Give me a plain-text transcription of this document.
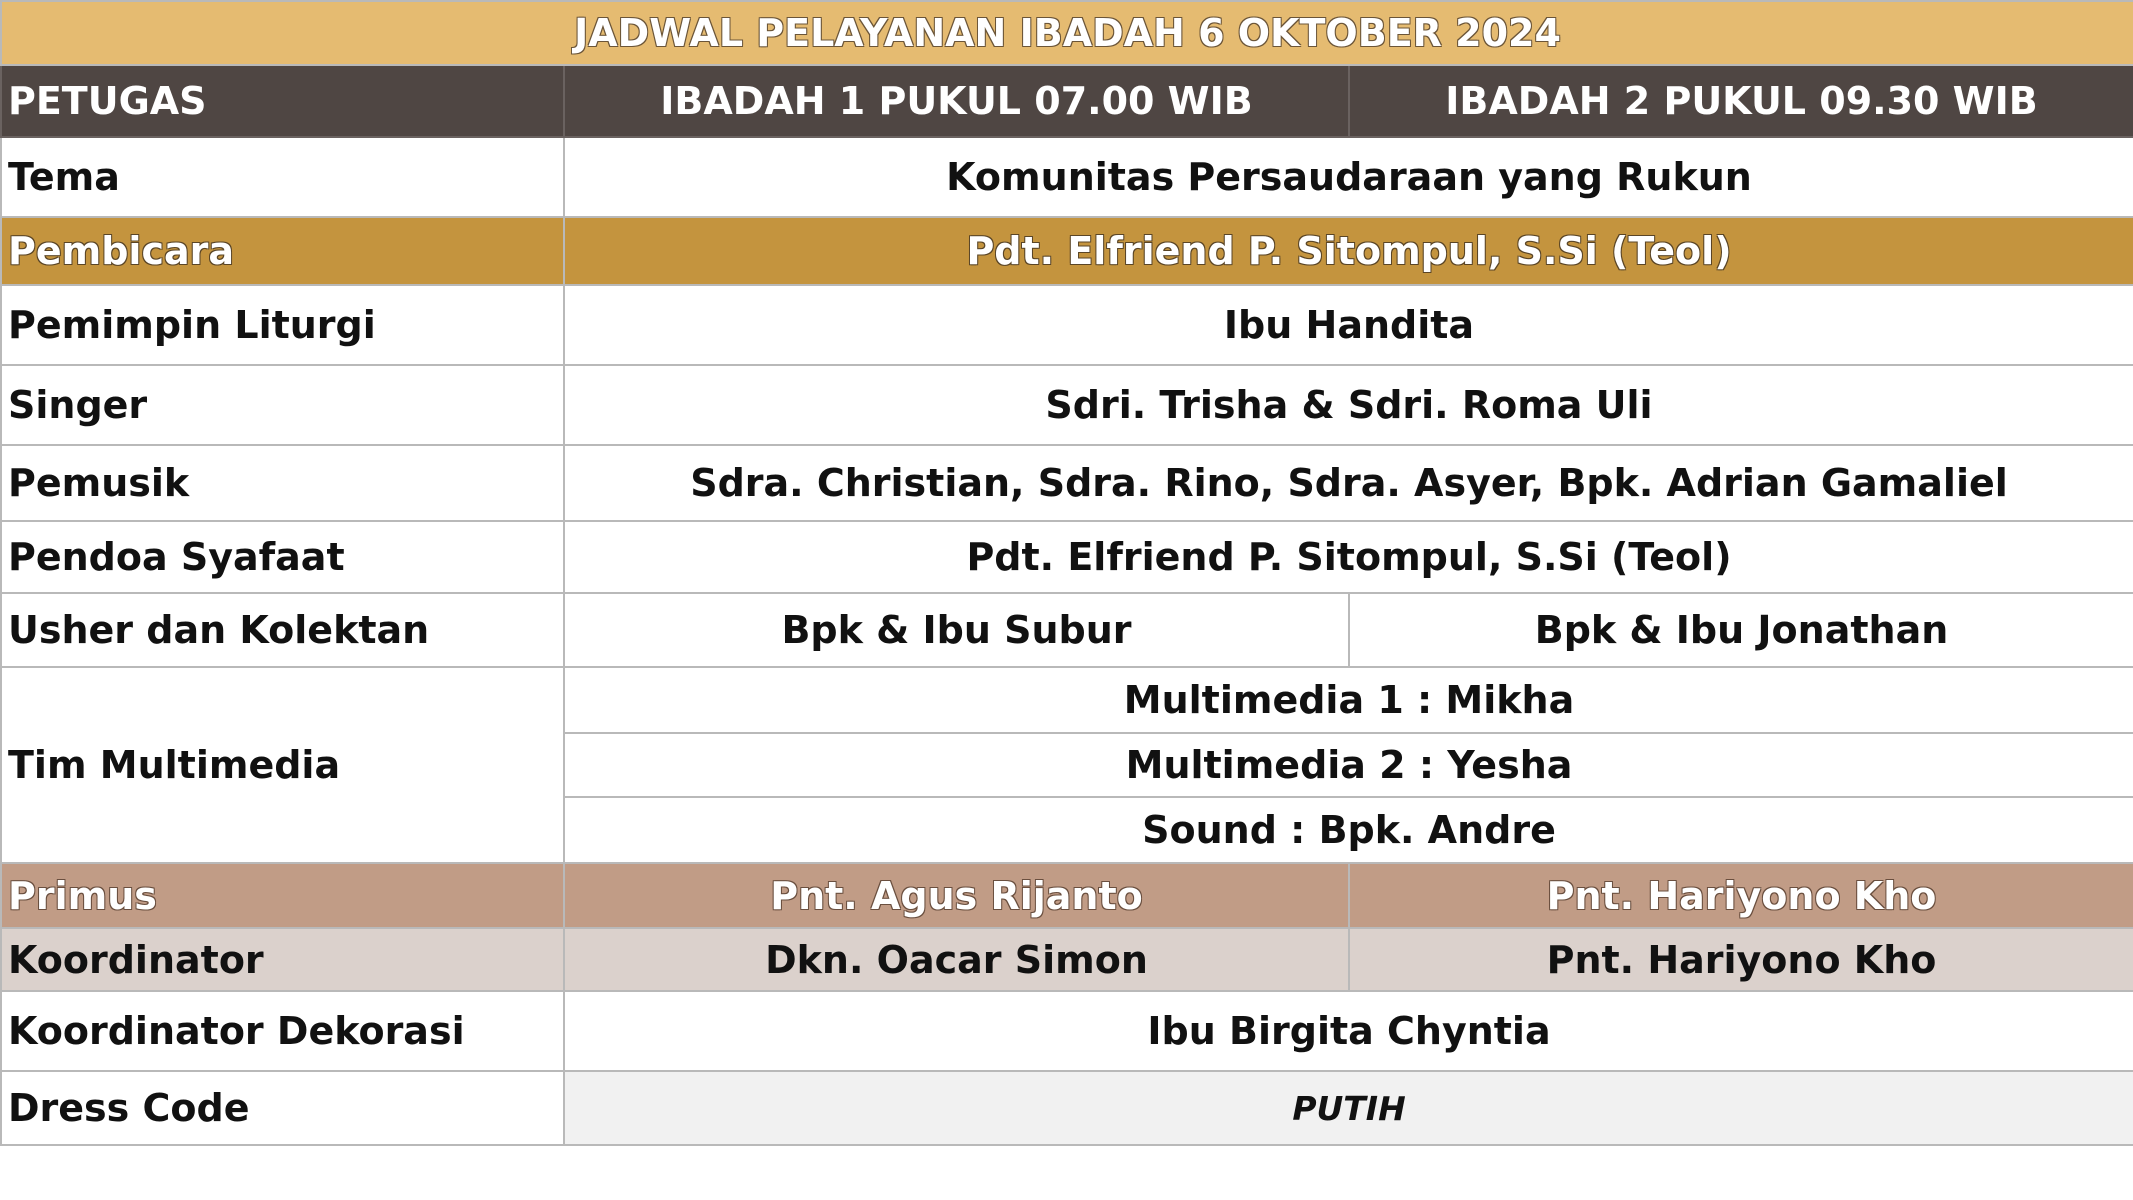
JADWAL PELAYANAN IBADAH 6 OKTOBER 2024		
PETUGAS	IBADAH 1 PUKUL 07.00 WIB	IBADAH 2 PUKUL 09.30 WIB
Tema	Komunitas Persaudaraan yang Rukun	
Pembicara	Pdt. Elfriend P. Sitompul, S.Si (Teol)	
Pemimpin Liturgi	Ibu Handita	
Singer	Sdri. Trisha & Sdri. Roma Uli	
Pemusik	Sdra. Christian, Sdra. Rino, Sdra. Asyer, Bpk. Adrian Gamaliel	
Pendoa Syafaat	Pdt. Elfriend P. Sitompul, S.Si (Teol)	
Usher dan Kolektan	Bpk & Ibu Subur	Bpk & Ibu Jonathan
Tim Multimedia	Multimedia 1 : Mikha	
	Multimedia 2 : Yesha	
	Sound : Bpk. Andre	
Primus	Pnt. Agus Rijanto	Pnt. Hariyono Kho
Koordinator	Dkn. Oacar Simon	Pnt. Hariyono Kho
Koordinator Dekorasi	Ibu Birgita Chyntia	
Dress Code	PUTIH	
